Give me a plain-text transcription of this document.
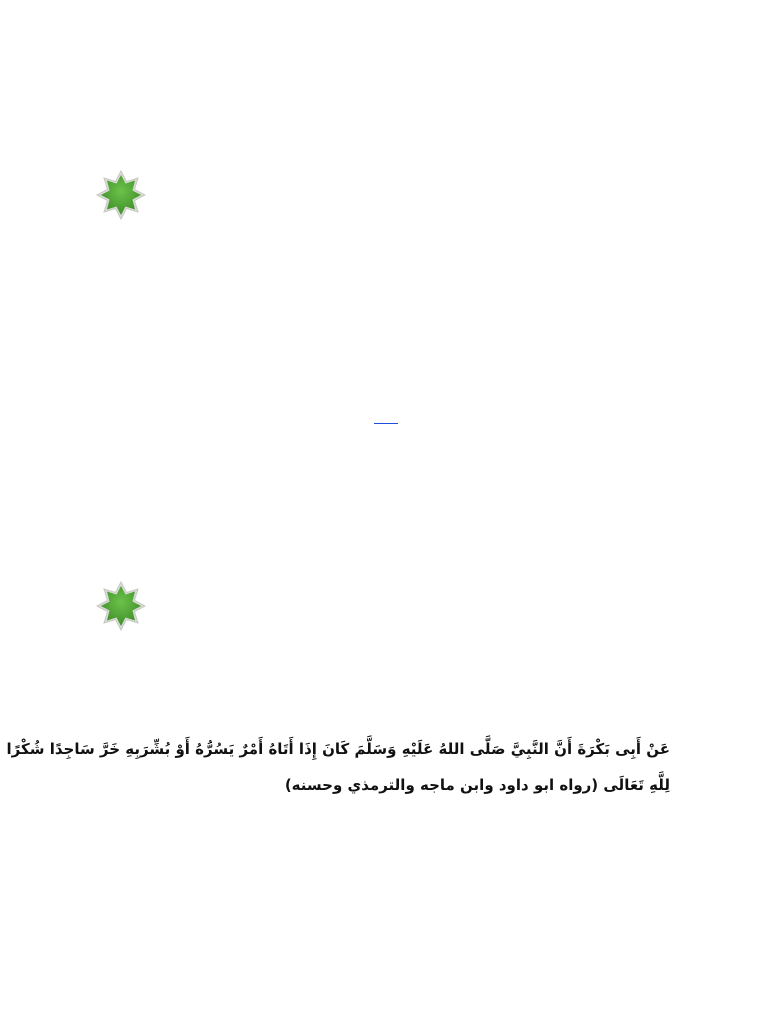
عَنْ أَبِى بَكْرَةَ أَنَّ النَّبِيَّ صَلَّى اللهُ عَلَيْهِ وَسَلَّمَ كَانَ إِذَا أَتَاهُ أَمْرٌ يَسُرُّهُ أَوْ بُشِّرَبِهِ خَرَّ سَاجِدًا شُكْرًا
لِلَّهِ تَعَالَى (رواه ابو داود وابن ماجه والترمذي وحسنه)
